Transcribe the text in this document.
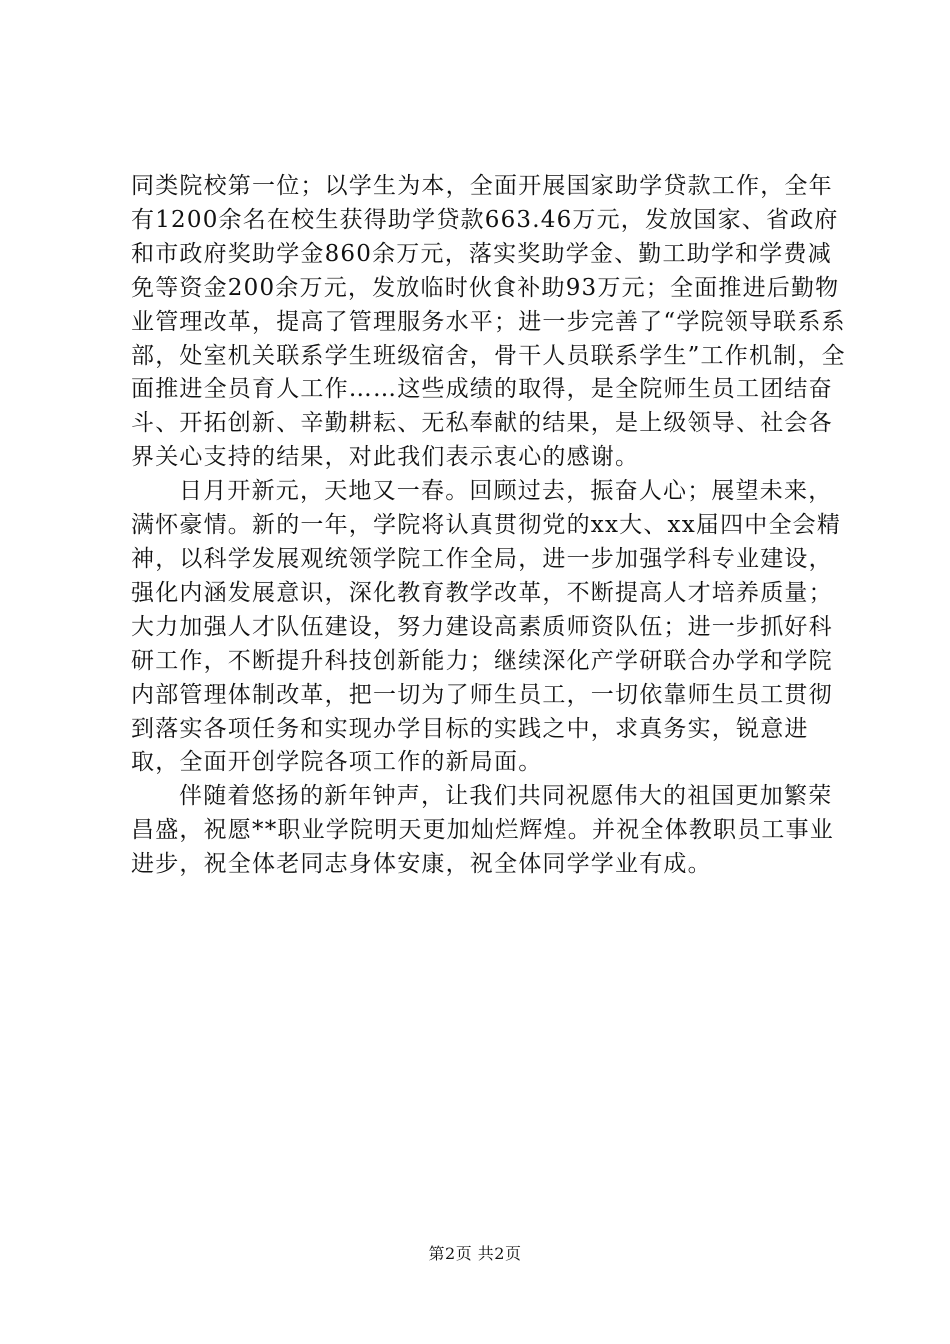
同类院校第一位；以学生为本，全面开展国家助学贷款工作，全年有1200余名在校生获得助学贷款663.46万元，发放国家、省政府和市政府奖助学金860余万元，落实奖助学金、勤工助学和学费减免等资金200余万元，发放临时伙食补助93万元；全面推进后勤物业管理改革，提高了管理服务水平；进一步完善了“学院领导联系系部，处室机关联系学生班级宿舍，骨干人员联系学生”工作机制，全面推进全员育人工作……这些成绩的取得，是全院师生员工团结奋斗、开拓创新、辛勤耕耘、无私奉献的结果，是上级领导、社会各界关心支持的结果，对此我们表示衷心的感谢。

日月开新元，天地又一春。回顾过去，振奋人心；展望未来，满怀豪情。新的一年，学院将认真贯彻党的xx大、xx届四中全会精神，以科学发展观统领学院工作全局，进一步加强学科专业建设，强化内涵发展意识，深化教育教学改革，不断提高人才培养质量；大力加强人才队伍建设，努力建设高素质师资队伍；进一步抓好科研工作，不断提升科技创新能力；继续深化产学研联合办学和学院内部管理体制改革，把一切为了师生员工，一切依靠师生员工贯彻到落实各项任务和实现办学目标的实践之中，求真务实，锐意进取，全面开创学院各项工作的新局面。

伴随着悠扬的新年钟声，让我们共同祝愿伟大的祖国更加繁荣昌盛，祝愿**职业学院明天更加灿烂辉煌。并祝全体教职员工事业进步，祝全体老同志身体安康，祝全体同学学业有成。

第2页 共2页
